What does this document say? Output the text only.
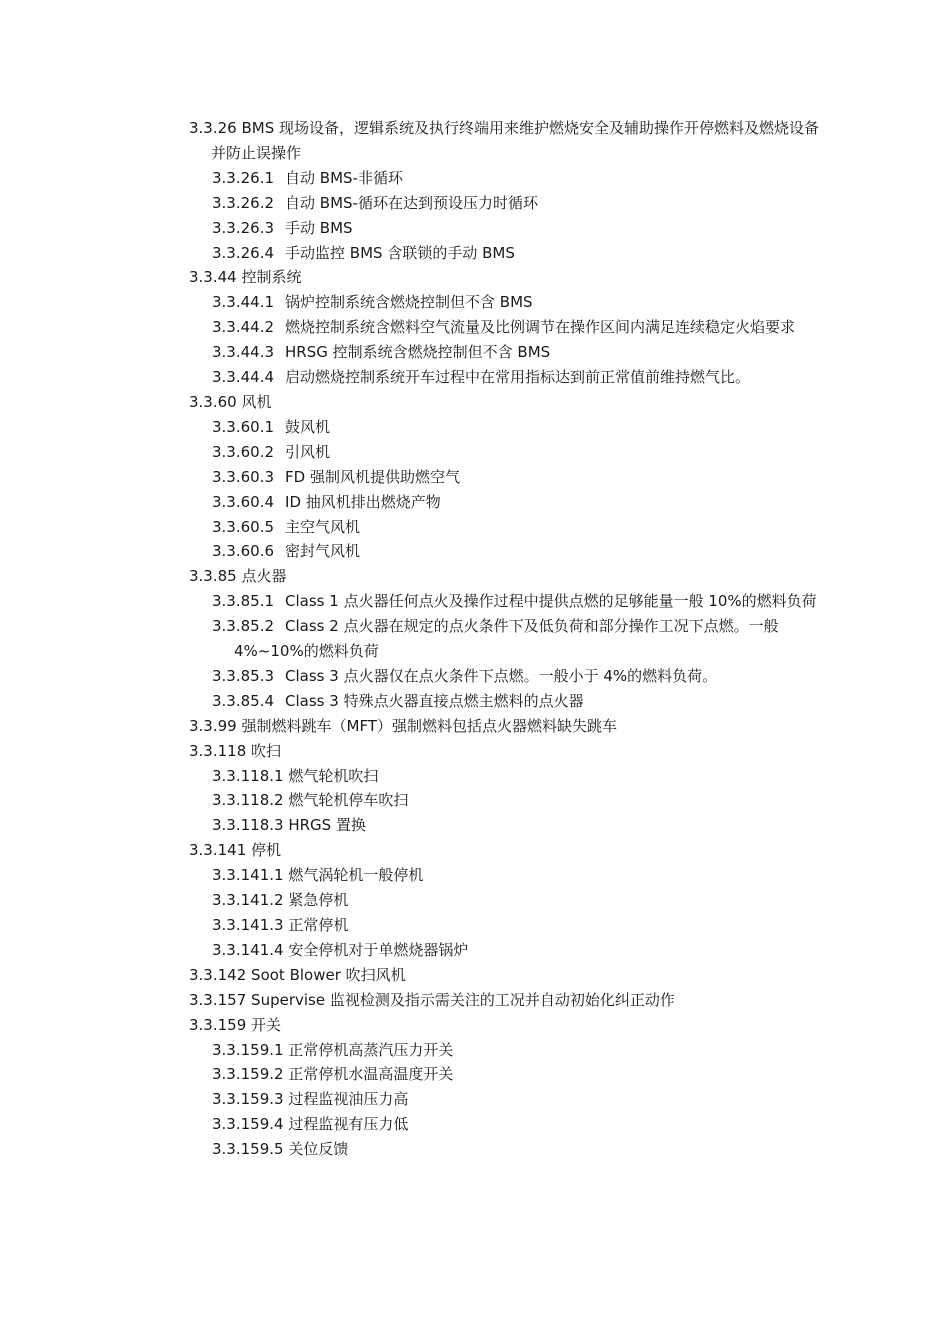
3.3.26 BMS 现场设备，逻辑系统及执行终端用来维护燃烧安全及辅助操作开停燃料及燃烧设备并防止误操作
3.3.26.1 自动 BMS-非循环
3.3.26.2 自动 BMS-循环在达到预设压力时循环
3.3.26.3 手动 BMS
3.3.26.4 手动监控 BMS 含联锁的手动 BMS
3.3.44 控制系统
3.3.44.1 锅炉控制系统含燃烧控制但不含 BMS
3.3.44.2 燃烧控制系统含燃料空气流量及比例调节在操作区间内满足连续稳定火焰要求
3.3.44.3 HRSG 控制系统含燃烧控制但不含 BMS
3.3.44.4 启动燃烧控制系统开车过程中在常用指标达到前正常值前维持燃气比。
3.3.60 风机
3.3.60.1 鼓风机
3.3.60.2 引风机
3.3.60.3 FD 强制风机提供助燃空气
3.3.60.4 ID 抽风机排出燃烧产物
3.3.60.5 主空气风机
3.3.60.6 密封气风机
3.3.85 点火器
3.3.85.1 Class 1 点火器任何点火及操作过程中提供点燃的足够能量一般 10%的燃料负荷
3.3.85.2 Class 2 点火器在规定的点火条件下及低负荷和部分操作工况下点燃。一般 4%~10%的燃料负荷
3.3.85.3 Class 3 点火器仅在点火条件下点燃。一般小于 4%的燃料负荷。
3.3.85.4 Class 3 特殊点火器直接点燃主燃料的点火器
3.3.99 强制燃料跳车（MFT）强制燃料包括点火器燃料缺失跳车
3.3.118 吹扫
3.3.118.1 燃气轮机吹扫
3.3.118.2 燃气轮机停车吹扫
3.3.118.3 HRGS 置换
3.3.141 停机
3.3.141.1 燃气涡轮机一般停机
3.3.141.2 紧急停机
3.3.141.3 正常停机
3.3.141.4 安全停机对于单燃烧器锅炉
3.3.142 Soot Blower 吹扫风机
3.3.157 Supervise 监视检测及指示需关注的工况并自动初始化纠正动作
3.3.159 开关
3.3.159.1 正常停机高蒸汽压力开关
3.3.159.2 正常停机水温高温度开关
3.3.159.3 过程监视油压力高
3.3.159.4 过程监视有压力低
3.3.159.5 关位反馈
